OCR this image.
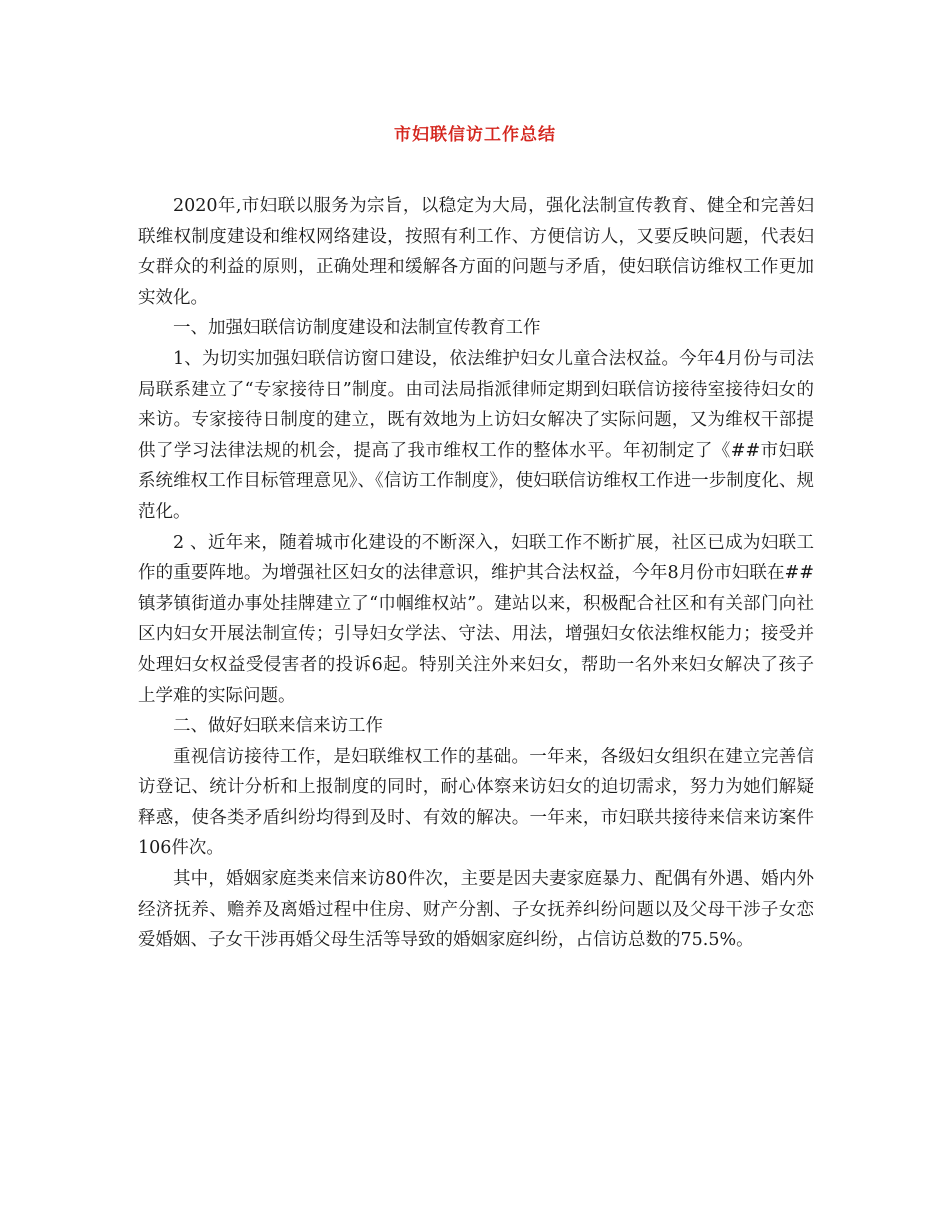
市妇联信访工作总结

2020年,市妇联以服务为宗旨，以稳定为大局，强化法制宣传教育、健全和完善妇联维权制度建设和维权网络建设，按照有利工作、方便信访人，又要反映问题，代表妇女群众的利益的原则，正确处理和缓解各方面的问题与矛盾，使妇联信访维权工作更加实效化。

一、加强妇联信访制度建设和法制宣传教育工作

1、为切实加强妇联信访窗口建设，依法维护妇女儿童合法权益。今年4月份与司法局联系建立了“专家接待日”制度。由司法局指派律师定期到妇联信访接待室接待妇女的来访。专家接待日制度的建立，既有效地为上访妇女解决了实际问题，又为维权干部提供了学习法律法规的机会，提高了我市维权工作的整体水平。年初制定了《##市妇联系统维权工作目标管理意见》、《信访工作制度》，使妇联信访维权工作进一步制度化、规范化。

2 、近年来，随着城市化建设的不断深入，妇联工作不断扩展，社区已成为妇联工作的重要阵地。为增强社区妇女的法律意识，维护其合法权益，今年8月份市妇联在##镇茅镇街道办事处挂牌建立了“巾帼维权站”。建站以来，积极配合社区和有关部门向社区内妇女开展法制宣传；引导妇女学法、守法、用法，增强妇女依法维权能力；接受并处理妇女权益受侵害者的投诉6起。特别关注外来妇女，帮助一名外来妇女解决了孩子上学难的实际问题。

二、做好妇联来信来访工作

重视信访接待工作，是妇联维权工作的基础。一年来，各级妇女组织在建立完善信访登记、统计分析和上报制度的同时，耐心体察来访妇女的迫切需求，努力为她们解疑释惑，使各类矛盾纠纷均得到及时、有效的解决。一年来，市妇联共接待来信来访案件106件次。

其中，婚姻家庭类来信来访80件次，主要是因夫妻家庭暴力、配偶有外遇、婚内外经济抚养、赡养及离婚过程中住房、财产分割、子女抚养纠纷问题以及父母干涉子女恋爱婚姻、子女干涉再婚父母生活等导致的婚姻家庭纠纷，占信访总数的75.5%。
